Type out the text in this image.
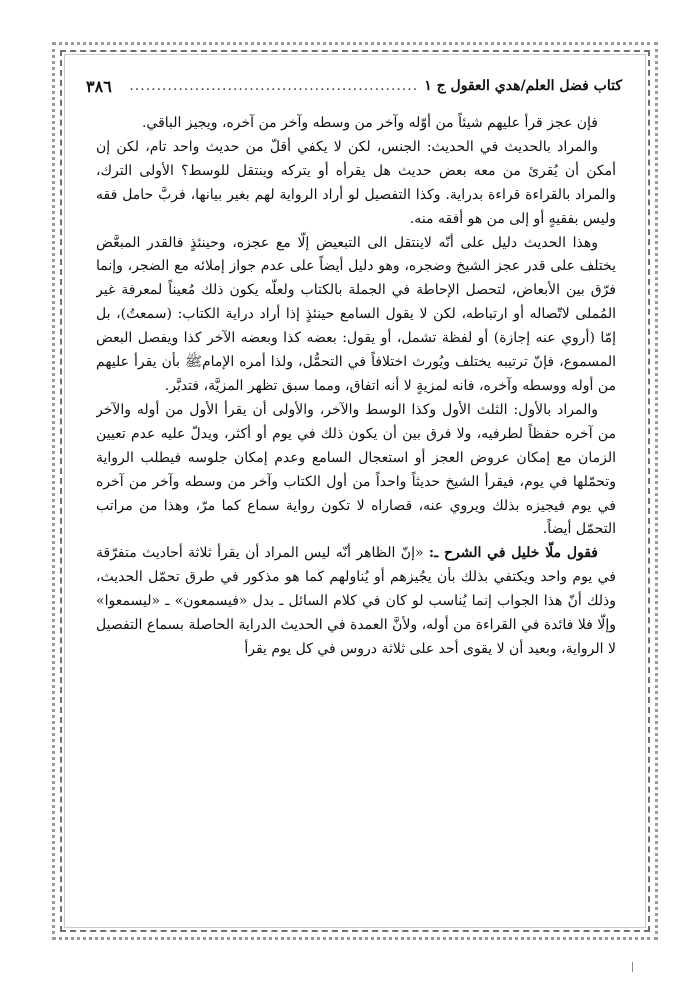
كتاب فضل العلم/هدي العقول ج ١
.....................................................
٣٨٦

فإن عجز قرأ عليهم شيئاً من أوّله وآخر من وسطه وآخر من آخره، ويجيز الباقي.

والمراد بالحديث في الحديث: الجنس، لكن لا يكفي أقلّ من حديث واحد تام، لكن إن أمكن أن يُقرئ من معه بعض حديث هل يقرأه أو يتركه وينتقل للوسط؟ الأولى الترك، والمراد بالقراءة قراءة بدراية. وكذا التفصيل لو أراد الرواية لهم بغير بيانها، فربَّ حامل فقه وليس بفقيهٍ أو إلى من هو أفقه منه.

وهذا الحديث دليل على أنّه لاينتقل الى التبعيض إلّا مع عجزه، وحينئذٍ فالقدر المبعَّض يختلف على قدر عجز الشيخ وضجره، وهو دليل أيضاً على عدم جواز إملائه مع الضجر، وإنما فرّق بين الأبعاض، لتحصل الإحاطة في الجملة بالكتاب ولعلّه يكون ذلك مُعيناً لمعرفة غير المُملى لاتّصاله أو ارتباطه، لكن لا يقول السامع حينئذٍ إذا أراد دراية الكتاب: (سمعتُ)، بل إمّا (أروي عنه إجازة) أو لفظة تشمل، أو يقول: بعضه كذا وبعضه الآخر كذا ويفصل البعض المسموع، فإنّ ترتيبه يختلف ويُورث اختلافاً في التحمُّل، ولذا أمره الإمامﷺ بأن يقرأ عليهم من أوله ووسطه وآخره، فانه لمزيةٍ لا أنه اتفاق، ومما سبق تظهر المزيَّة، فتدبَّر.

والمراد بالأول: الثلث الأول وكذا الوسط والآخر، والأولى أن يقرأ الأول من أوله والآخر من آخره حفظاً لطرفيه، ولا فرق بين أن يكون ذلك في يوم أو أكثر، ويدلّ عليه عدم تعيين الزمان مع إمكان عروض العجز أو استعجال السامع وعدم إمكان جلوسه فيطلب الرواية وتحمّلها في يوم، فيقرأ الشيخ حديثاً واحداً من أول الكتاب وآخر من وسطه وآخر من آخره في يوم فيجيزه بذلك ويروي عنه، قصاراه لا تكون رواية سماع كما مرّ، وهذا من مراتب التحمّل أيضاً.

فقول ملّا خليل في الشرح ـ: «إنّ الظاهر أنّه ليس المراد أن يقرأ ثلاثة أحاديث متفرّقة في يوم واحد ويكتفي بذلك بأن يجُيزهم أو يُناولهم كما هو مذكور في طرق تحمّل الحديث، وذلك أنّ هذا الجواب إنما يُناسب لو كان في كلام السائل ـ بدل «فيسمعون» ـ «ليسمعوا» وإلّا فلا فائدة في القراءة من أوله، ولأنَّ العمدة في الحديث الدراية الحاصلة بسماع التفصيل لا الرواية، وبعيد أن لا يقوى أحد على ثلاثة دروس في كل يوم يقرأ
